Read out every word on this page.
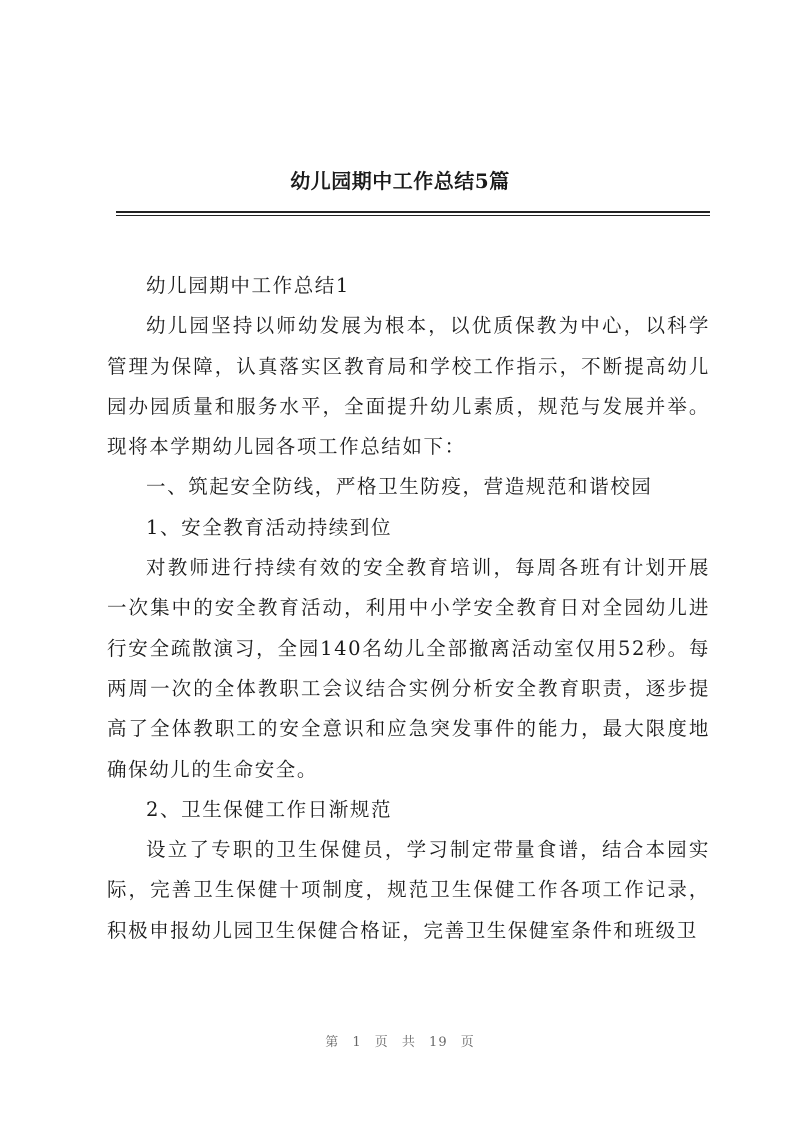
幼儿园期中工作总结5篇

幼儿园期中工作总结1

幼儿园坚持以师幼发展为根本，以优质保教为中心，以科学管理为保障，认真落实区教育局和学校工作指示，不断提高幼儿园办园质量和服务水平，全面提升幼儿素质，规范与发展并举。现将本学期幼儿园各项工作总结如下：

一、筑起安全防线，严格卫生防疫，营造规范和谐校园

1、安全教育活动持续到位

对教师进行持续有效的安全教育培训，每周各班有计划开展一次集中的安全教育活动，利用中小学安全教育日对全园幼儿进行安全疏散演习，全园140名幼儿全部撤离活动室仅用52秒。每两周一次的全体教职工会议结合实例分析安全教育职责，逐步提高了全体教职工的安全意识和应急突发事件的能力，最大限度地确保幼儿的生命安全。

2、卫生保健工作日渐规范

设立了专职的卫生保健员，学习制定带量食谱，结合本园实际，完善卫生保健十项制度，规范卫生保健工作各项工作记录，积极申报幼儿园卫生保健合格证，完善卫生保健室条件和班级卫

第 1 页 共 19 页
